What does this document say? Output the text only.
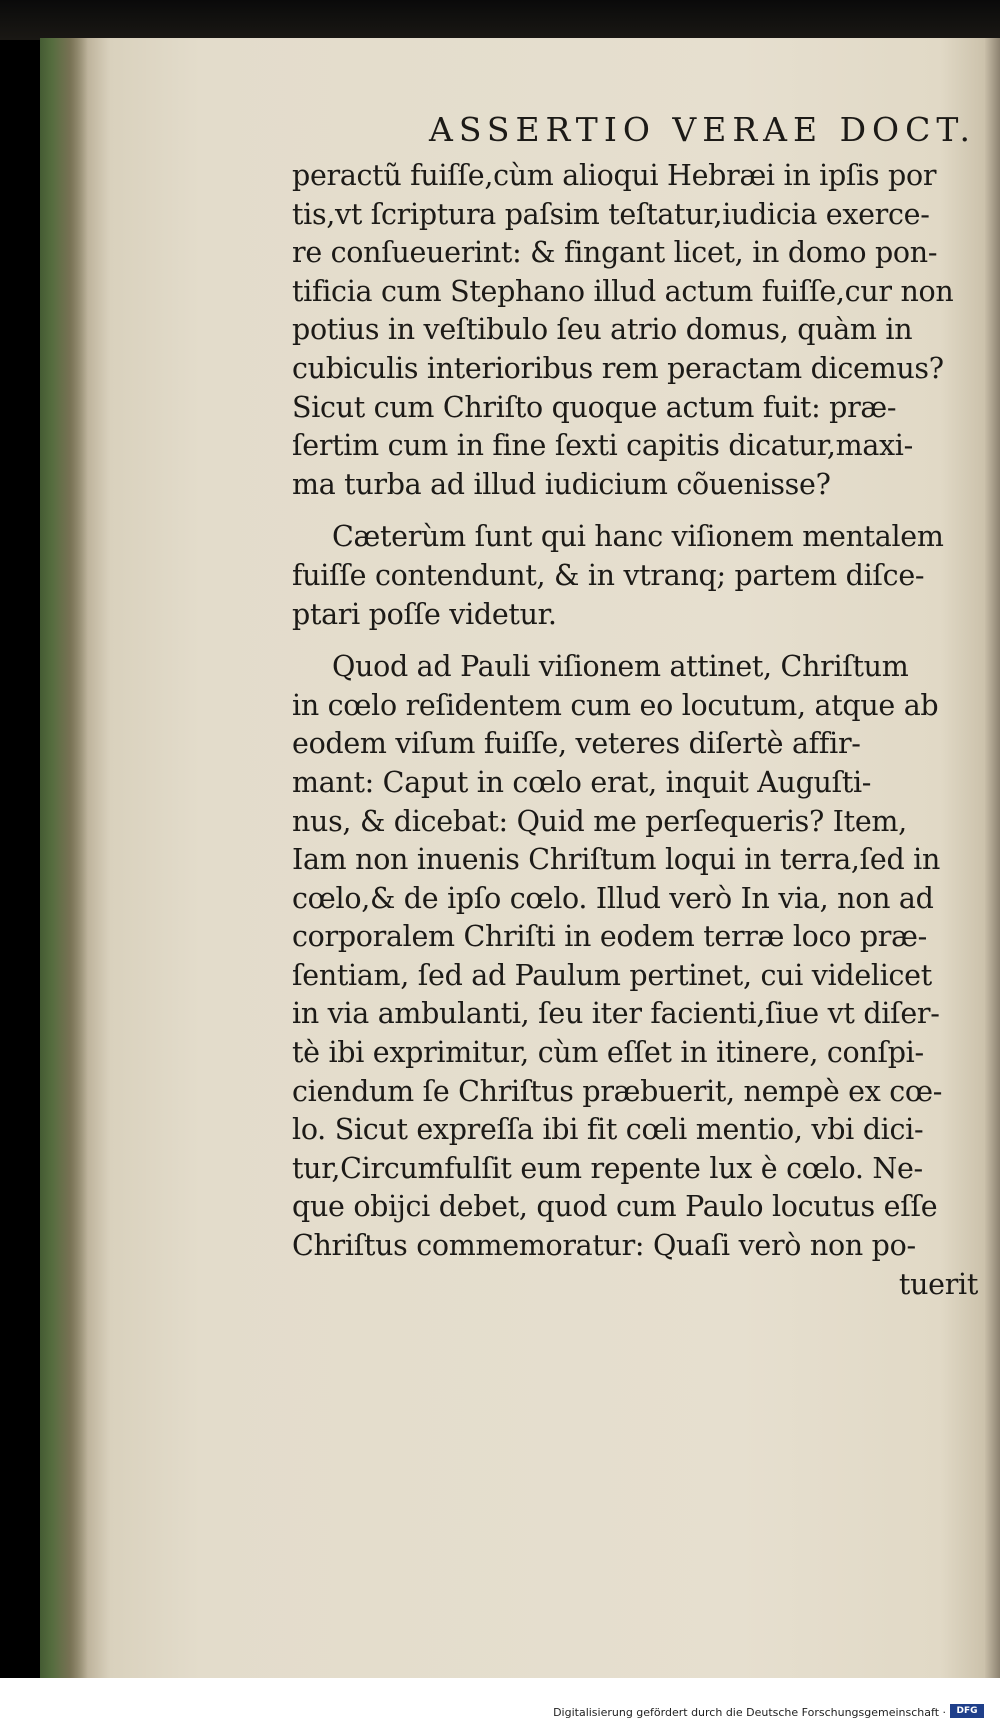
ASSERTIO VERAE DOCT.
peractũ fuiſſe,cùm alioqui Hebræi in ipſis por
tis,vt ſcriptura paſsim teſtatur,iudicia exerce-
re conſueuerint: & fingant licet, in domo pon-
tificia cum Stephano illud actum fuiſſe,cur non
potius in veſtibulo ſeu atrio domus, quàm in
cubiculis interioribus rem peractam dicemus?
Sicut cum Chriſto quoque actum fuit: præ-
ſertim cum in fine ſexti capitis dicatur,maxi-
ma turba ad illud iudicium cõuenisse?
Cæterùm ſunt qui hanc viſionem mentalem
fuiſſe contendunt, & in vtranq; partem diſce-
ptari poſſe videtur.
Quod ad Pauli viſionem attinet, Chriſtum
in cœlo reſidentem cum eo locutum, atque ab
eodem viſum fuiſſe, veteres diſertè affir-
mant: Caput in cœlo erat, inquit Auguſti-
nus, & dicebat: Quid me perſequeris? Item,
Iam non inuenis Chriſtum loqui in terra,ſed in
cœlo,& de ipſo cœlo. Illud verò In via, non ad
corporalem Chriſti in eodem terræ loco præ-
ſentiam, ſed ad Paulum pertinet, cui videlicet
in via ambulanti, ſeu iter facienti,ſiue vt diſer-
tè ibi exprimitur, cùm eſſet in itinere, conſpi-
ciendum ſe Chriſtus præbuerit, nempè ex cœ-
lo. Sicut expreſſa ibi fit cœli mentio, vbi dici-
tur,Circumfulſit eum repente lux è cœlo. Ne-
que obijci debet, quod cum Paulo locutus eſſe
Chriſtus commemoratur: Quaſi verò non po-
tuerit
Digitalisierung gefördert durch die Deutsche Forschungsgemeinschaft ·	DFG
